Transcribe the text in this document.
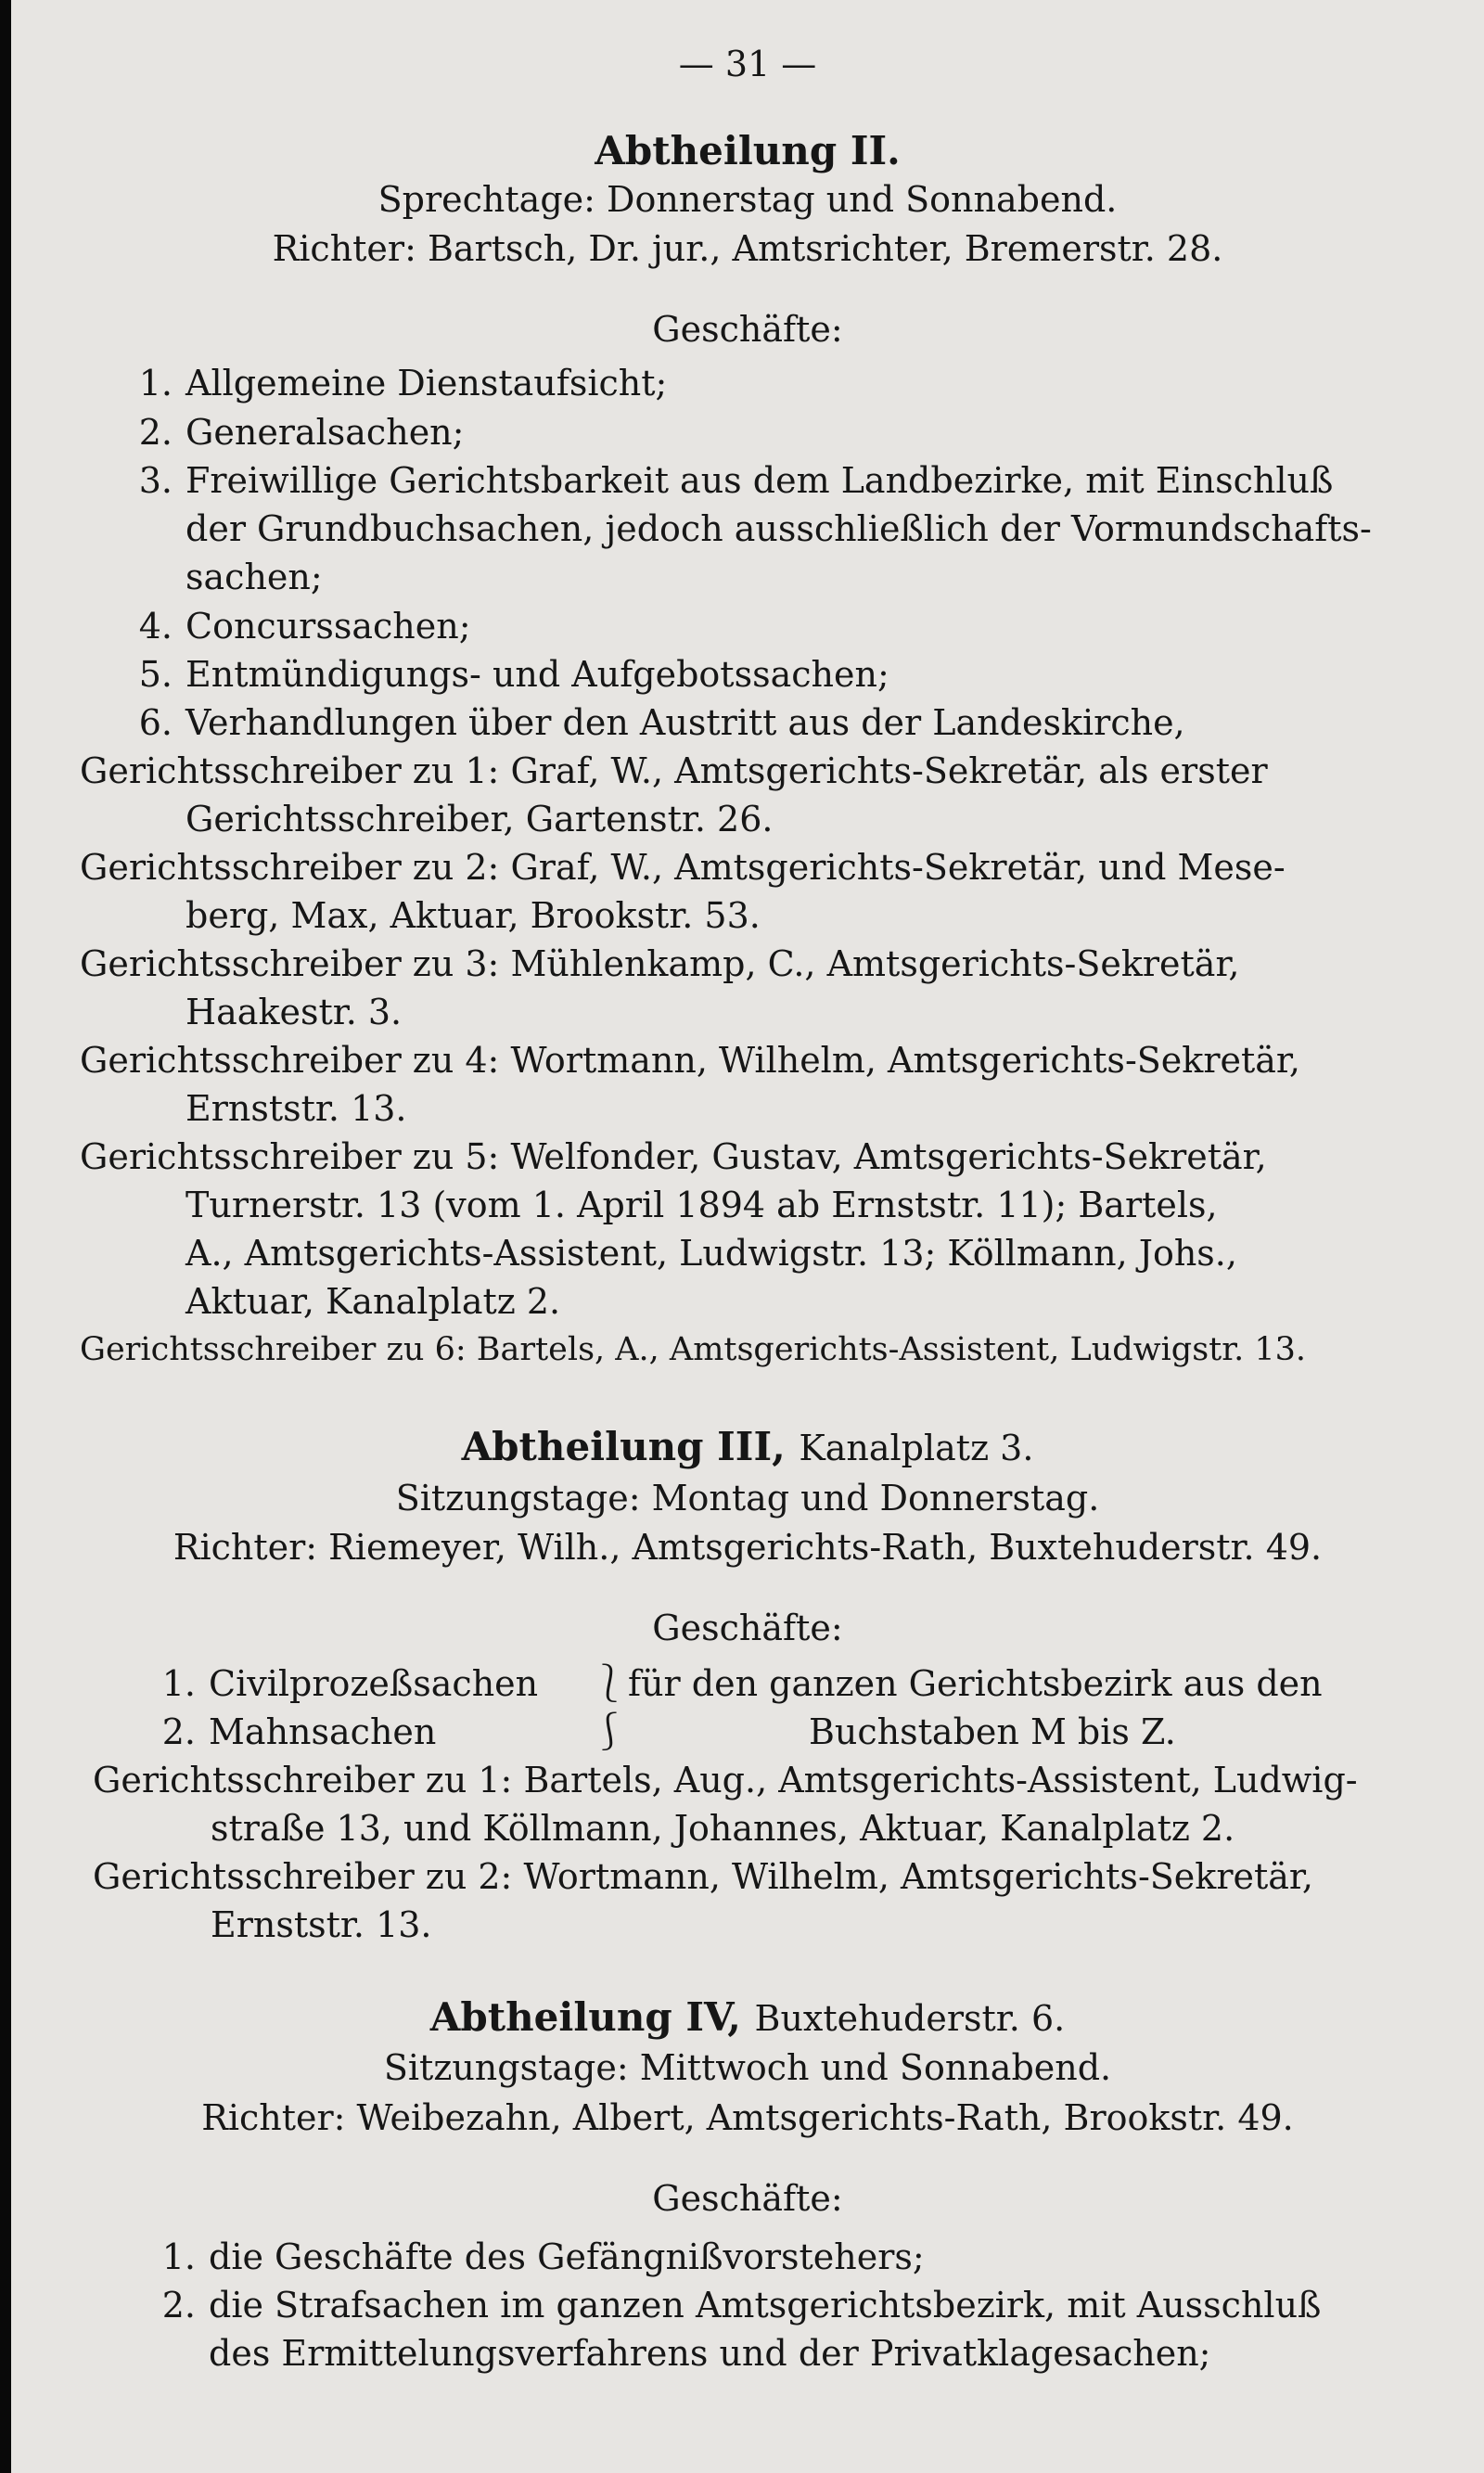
— 31 —
Abtheilung II.
Sprechtage: Donnerstag und Sonnabend.
Richter: Bartsch, Dr. jur., Amtsrichter, Bremerstr. 28.
Geschäfte:
1. Allgemeine Dienstaufsicht;
2. Generalsachen;
3. Freiwillige Gerichtsbarkeit aus dem Landbezirke, mit Einschluß
der Grundbuchsachen, jedoch ausschließlich der Vormundschafts-
sachen;
4. Concurssachen;
5. Entmündigungs- und Aufgebotssachen;
6. Verhandlungen über den Austritt aus der Landeskirche,
Gerichtsschreiber zu 1: Graf, W., Amtsgerichts-Sekretär, als erster
Gerichtsschreiber, Gartenstr. 26.
Gerichtsschreiber zu 2: Graf, W., Amtsgerichts-Sekretär, und Mese-
berg, Max, Aktuar, Brookstr. 53.
Gerichtsschreiber zu 3: Mühlenkamp, C., Amtsgerichts-Sekretär,
Haakestr. 3.
Gerichtsschreiber zu 4: Wortmann, Wilhelm, Amtsgerichts-Sekretär,
Ernststr. 13.
Gerichtsschreiber zu 5: Welfonder, Gustav, Amtsgerichts-Sekretär,
Turnerstr. 13 (vom 1. April 1894 ab Ernststr. 11); Bartels,
A., Amtsgerichts-Assistent, Ludwigstr. 13; Köllmann, Johs.,
Aktuar, Kanalplatz 2.
Gerichtsschreiber zu 6: Bartels, A., Amtsgerichts-Assistent, Ludwigstr. 13.
Abtheilung III, Kanalplatz 3.
Sitzungstage: Montag und Donnerstag.
Richter: Riemeyer, Wilh., Amtsgerichts-Rath, Buxtehuderstr. 49.
Geschäfte:
1. Civilprozeßsachen
2. Mahnsachen
⎱
⎰
für den ganzen Gerichtsbezirk aus den
Buchstaben M bis Z.
Gerichtsschreiber zu 1: Bartels, Aug., Amtsgerichts-Assistent, Ludwig-
straße 13, und Köllmann, Johannes, Aktuar, Kanalplatz 2.
Gerichtsschreiber zu 2: Wortmann, Wilhelm, Amtsgerichts-Sekretär,
Ernststr. 13.
Abtheilung IV, Buxtehuderstr. 6.
Sitzungstage: Mittwoch und Sonnabend.
Richter: Weibezahn, Albert, Amtsgerichts-Rath, Brookstr. 49.
Geschäfte:
1. die Geschäfte des Gefängnißvorstehers;
2. die Strafsachen im ganzen Amtsgerichtsbezirk, mit Ausschluß
des Ermittelungsverfahrens und der Privatklagesachen;
